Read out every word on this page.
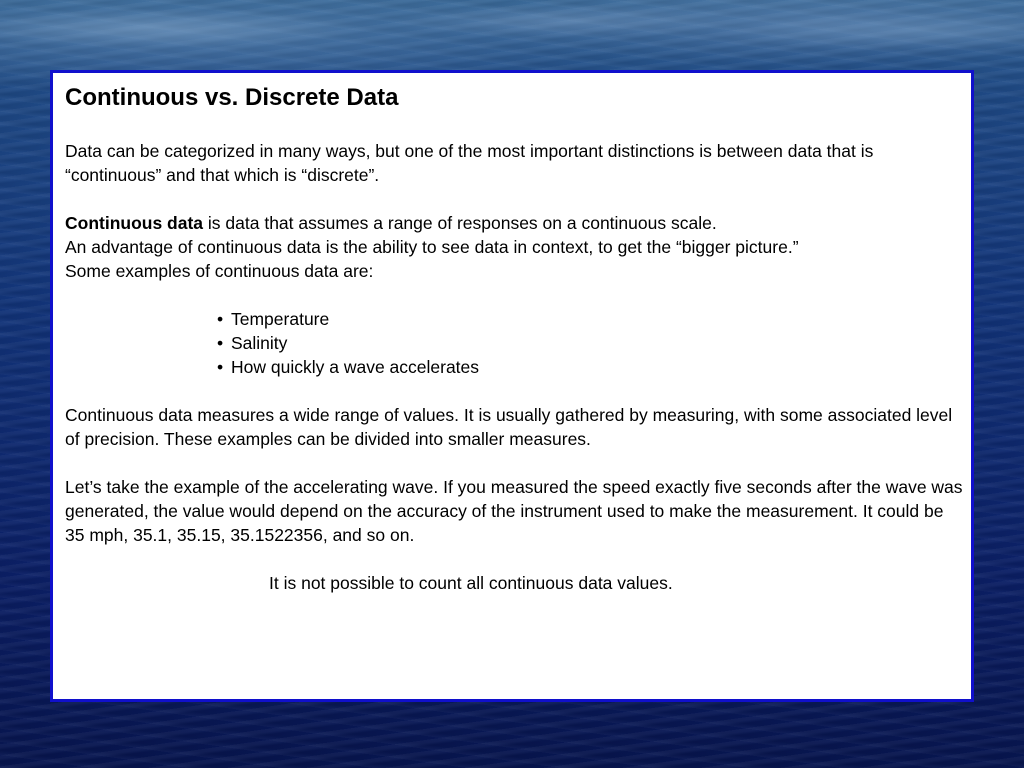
Continuous vs. Discrete Data

Data can be categorized in many ways, but one of the most important distinctions is between data that is “continuous” and that which is “discrete”.

Continuous data is data that assumes a range of responses on a continuous scale.

An advantage of continuous data is the ability to see data in context, to get the “bigger picture.”

Some examples of continuous data are:

• Temperature
• Salinity
• How quickly a wave accelerates

Continuous data measures a wide range of values. It is usually gathered by measuring, with some associated level of precision. These examples can be divided into smaller measures.

Let’s take the example of the accelerating wave. If you measured the speed exactly five seconds after the wave was generated, the value would depend on the accuracy of the instrument used to make the measurement. It could be 35 mph, 35.1, 35.15, 35.1522356, and so on.

It is not possible to count all continuous data values.
